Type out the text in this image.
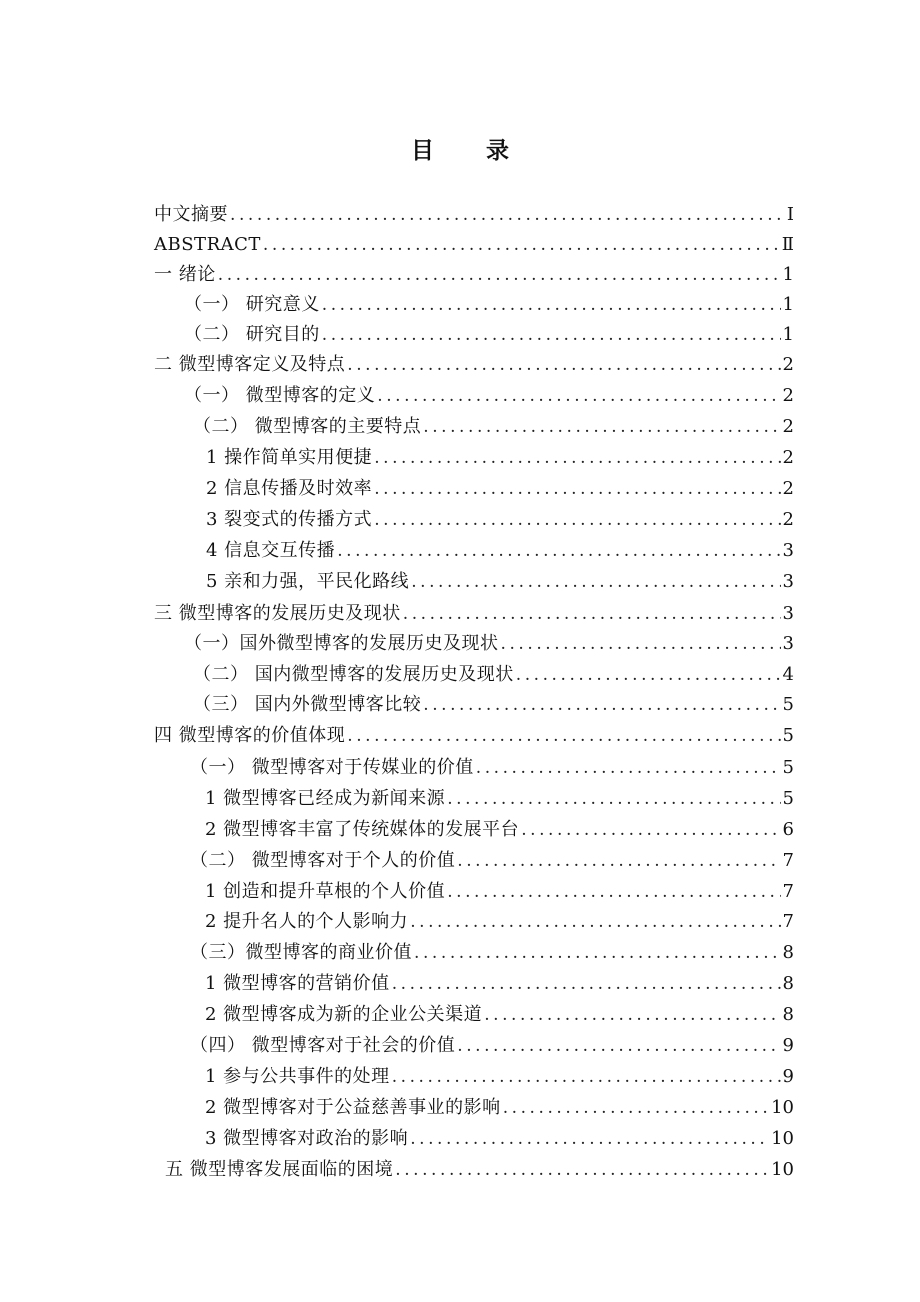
目 录
中文摘要 .....	Ⅰ
ABSTRACT .....	Ⅱ
一 绪论 .....	1
（一） 研究意义 .....	1
（二） 研究目的 .....	1
二 微型博客定义及特点 .....	2
（一） 微型博客的定义 .....	2
（二） 微型博客的主要特点 .....	2
1 操作简单实用便捷 .....	2
2 信息传播及时效率 .....	2
3 裂变式的传播方式 .....	2
4 信息交互传播 .....	3
5 亲和力强，平民化路线 .....	3
三 微型博客的发展历史及现状 .....	3
（一）国外微型博客的发展历史及现状 .....	3
（二） 国内微型博客的发展历史及现状 .....	4
（三） 国内外微型博客比较 .....	5
四 微型博客的价值体现 .....	5
（一） 微型博客对于传媒业的价值 .....	5
1 微型博客已经成为新闻来源 .....	5
2 微型博客丰富了传统媒体的发展平台 .....	6
（二） 微型博客对于个人的价值 .....	7
1 创造和提升草根的个人价值 .....	7
2 提升名人的个人影响力 .....	7
（三）微型博客的商业价值 .....	8
1 微型博客的营销价值 .....	8
2 微型博客成为新的企业公关渠道 .....	8
（四） 微型博客对于社会的价值 .....	9
1 参与公共事件的处理 .....	9
2 微型博客对于公益慈善事业的影响 .....	10
3 微型博客对政治的影响 .....	10
五 微型博客发展面临的困境 .....	10
